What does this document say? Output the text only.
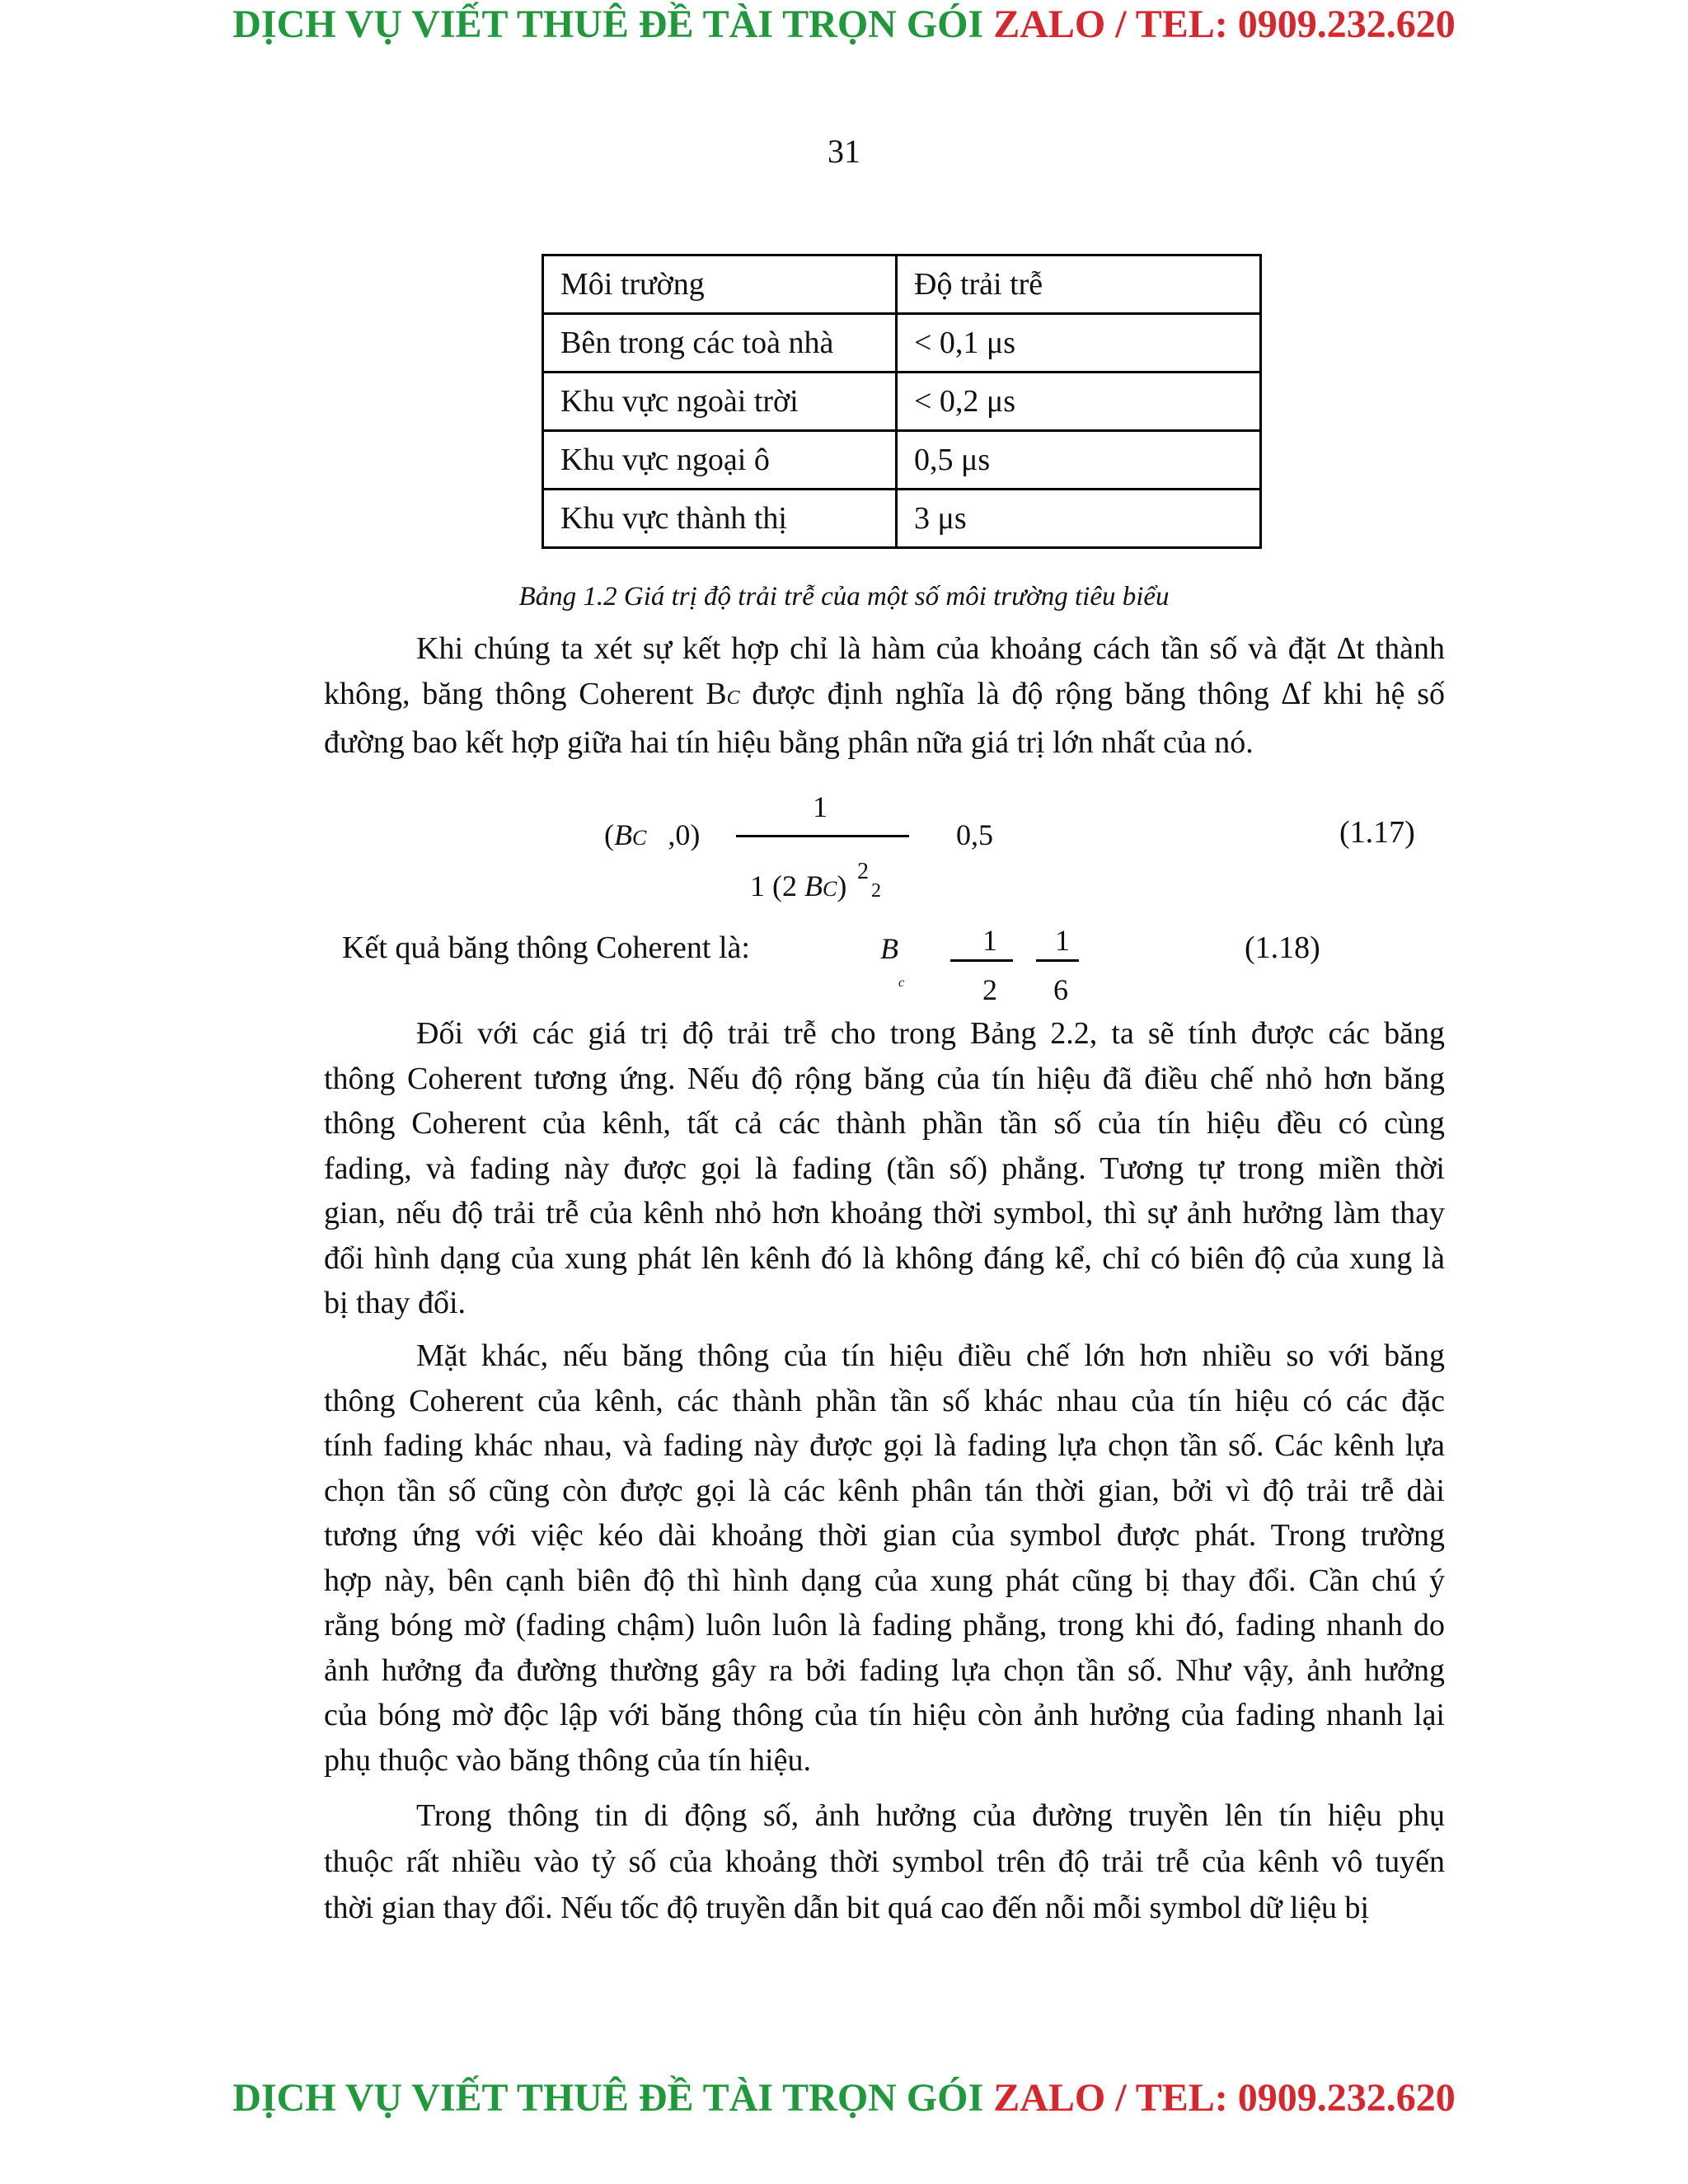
DỊCH VỤ VIẾT THUÊ ĐỀ TÀI TRỌN GÓI ZALO / TEL: 0909.232.620
31
Môi trường	Độ trải trễ
Bên trong các toà nhà	< 0,1 μs
Khu vực ngoài trời	< 0,2 μs
Khu vực ngoại ô	0,5 μs
Khu vực thành thị	3 μs
Bảng 1.2 Giá trị độ trải trễ của một số môi trường tiêu biểu
Khi chúng ta xét sự kết hợp chỉ là hàm của khoảng cách tần số và đặt ∆t thành
không, băng thông Coherent BC được định nghĩa là độ rộng băng thông ∆f khi hệ số
đường bao kết hợp giữa hai tín hiệu bằng phân nữa giá trị lớn nhất của nó.
1
(BC ,0)
1 (2 BC) 2
2
0,5	(1.17)
Kết quả băng thông Coherent là:	B
c
1
2
1
6
(1.18)
Đối với các giá trị độ trải trễ cho trong Bảng 2.2, ta sẽ tính được các băng
thông Coherent tương ứng. Nếu độ rộng băng của tín hiệu đã điều chế nhỏ hơn băng
thông Coherent của kênh, tất cả các thành phần tần số của tín hiệu đều có cùng
fading, và fading này được gọi là fading (tần số) phẳng. Tương tự trong miền thời
gian, nếu độ trải trễ của kênh nhỏ hơn khoảng thời symbol, thì sự ảnh hưởng làm thay
đổi hình dạng của xung phát lên kênh đó là không đáng kể, chỉ có biên độ của xung là
bị thay đổi.
Mặt khác, nếu băng thông của tín hiệu điều chế lớn hơn nhiều so với băng
thông Coherent của kênh, các thành phần tần số khác nhau của tín hiệu có các đặc
tính fading khác nhau, và fading này được gọi là fading lựa chọn tần số. Các kênh lựa
chọn tần số cũng còn được gọi là các kênh phân tán thời gian, bởi vì độ trải trễ dài
tương ứng với việc kéo dài khoảng thời gian của symbol được phát. Trong trường
hợp này, bên cạnh biên độ thì hình dạng của xung phát cũng bị thay đổi. Cần chú ý
rằng bóng mờ (fading chậm) luôn luôn là fading phẳng, trong khi đó, fading nhanh do
ảnh hưởng đa đường thường gây ra bởi fading lựa chọn tần số. Như vậy, ảnh hưởng
của bóng mờ độc lập với băng thông của tín hiệu còn ảnh hưởng của fading nhanh lại
phụ thuộc vào băng thông của tín hiệu.
Trong thông tin di động số, ảnh hưởng của đường truyền lên tín hiệu phụ
thuộc rất nhiều vào tỷ số của khoảng thời symbol trên độ trải trễ của kênh vô tuyến
thời gian thay đổi. Nếu tốc độ truyền dẫn bit quá cao đến nỗi mỗi symbol dữ liệu bị
DỊCH VỤ VIẾT THUÊ ĐỀ TÀI TRỌN GÓI ZALO / TEL: 0909.232.620
